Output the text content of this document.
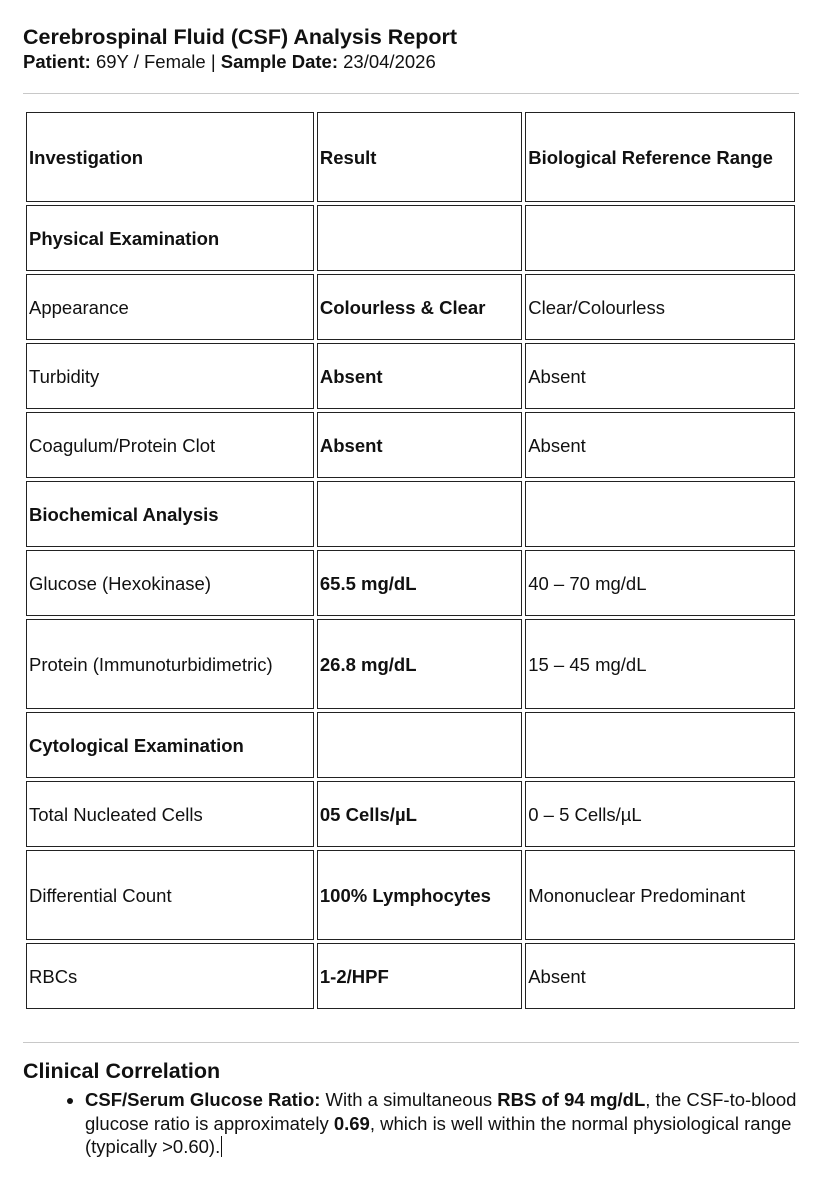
Cerebrospinal Fluid (CSF) Analysis Report
Patient: 69Y / Female | Sample Date: 23/04/2026
Investigation	Result	Biological Reference Range
Physical Examination		
Appearance	Colourless & Clear	Clear/Colourless
Turbidity	Absent	Absent
Coagulum/Protein Clot	Absent	Absent
Biochemical Analysis		
Glucose (Hexokinase)	65.5 mg/dL	40 – 70 mg/dL
Protein (Immunoturbidimetric)	26.8 mg/dL	15 – 45 mg/dL
Cytological Examination		
Total Nucleated Cells	05 Cells/µL	0 – 5 Cells/µL
Differential Count	100% Lymphocytes	Mononuclear Predominant
RBCs	1-2/HPF	Absent
Clinical Correlation
• CSF/Serum Glucose Ratio: With a simultaneous RBS of 94 mg/dL, the CSF-to-blood glucose ratio is approximately 0.69, which is well within the normal physiological range (typically >0.60).
